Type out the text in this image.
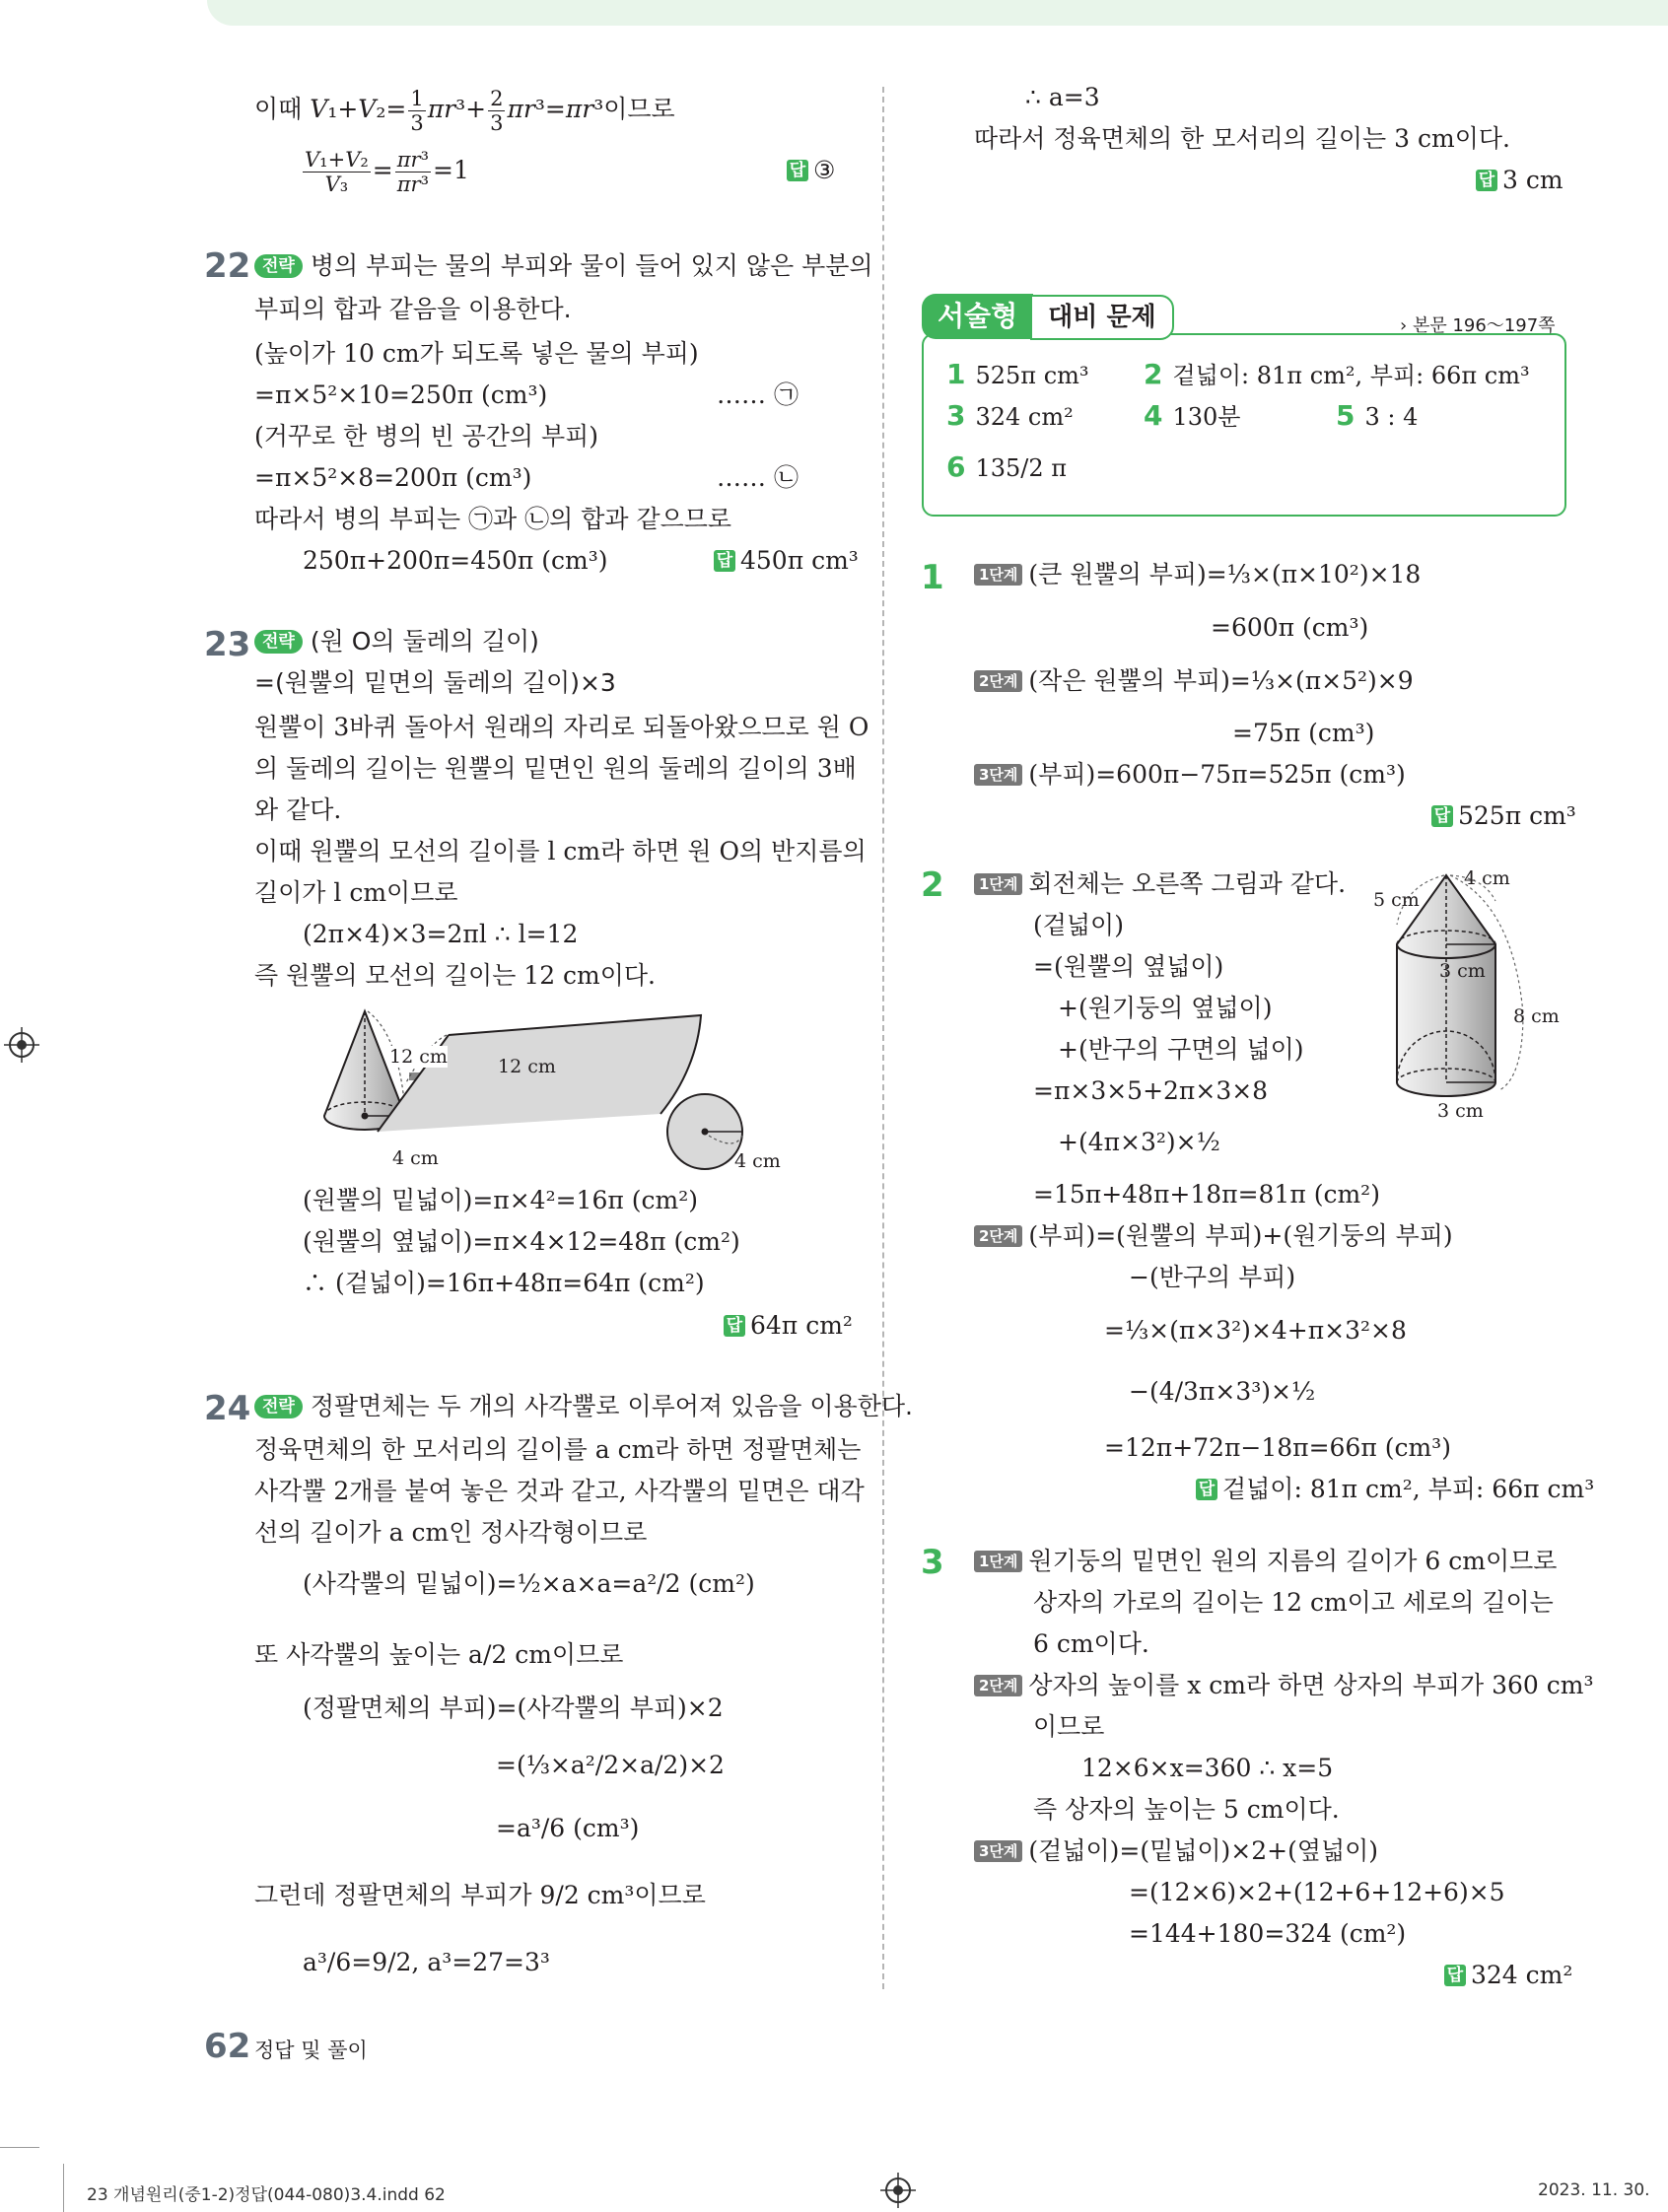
이때 $V_1+V_2= \frac{1}{3} \pi r^3+ \frac{2}{3} \pi r^3=\pi r^3$이므로
$\frac{\text{V₁+V₂}}{\text{V₃}} = \frac{\text{πr³}}{\text{πr³}} =1$	답 ③
22 전략 병의 부피는 물의 부피와 물이 들어 있지 않은 부분의
부피의 합과 같음을 이용한다.
(높이가 10 cm가 되도록 넣은 물의 부피)
=π×5²×10=250π (cm³)	…… ㉠
(거꾸로 한 병의 빈 공간의 부피)
=π×5²×8=200π (cm³)	…… ㉡
따라서 병의 부피는 ㉠과 ㉡의 합과 같으므로
250π+200π=450π (cm³)	답 450π cm³
23 전략 (원 O의 둘레의 길이)
=(원뿔의 밑면의 둘레의 길이)×3
원뿔이 3바퀴 돌아서 원래의 자리로 되돌아왔으므로 원 O
의 둘레의 길이는 원뿔의 밑면인 원의 둘레의 길이의 3배
와 같다.
이때 원뿔의 모선의 길이를 l cm라 하면 원 O의 반지름의
길이가 l cm이므로
(2π×4)×3=2πl ∴ l=12
즉 원뿔의 모선의 길이는 12 cm이다.
12 cm	12 cm
4 cm	4 cm
(원뿔의 밑넓이)=π×4²=16π (cm²)
(원뿔의 옆넓이)=π×4×12=48π (cm²)
∴ (겉넓이)=16π+48π=64π (cm²)
답 64π cm²
24 전략 정팔면체는 두 개의 사각뿔로 이루어져 있음을 이용한다.
정육면체의 한 모서리의 길이를 a cm라 하면 정팔면체는
사각뿔 2개를 붙여 놓은 것과 같고, 사각뿔의 밑면은 대각
선의 길이가 a cm인 정사각형이므로
(사각뿔의 밑넓이)=½×a×a=a²/2 (cm²)
또 사각뿔의 높이는 a/2 cm이므로
(정팔면체의 부피)=(사각뿔의 부피)×2
=(⅓×a²/2×a/2)×2
=a³/6 (cm³)
그런데 정팔면체의 부피가 9/2 cm³이므로
a³/6=9/2, a³=27=3³
62 정답 및 풀이
∴ a=3
따라서 정육면체의 한 모서리의 길이는 3 cm이다.
답 3 cm
서술형 대비 문제	› 본문 196～197쪽
1 525π cm³ 2 겉넓이: 81π cm², 부피: 66π cm³
3 324 cm²	4 130분	5 3 : 4
6 135/2 π
1	1단계 (큰 원뿔의 부피)=⅓×(π×10²)×18
=600π (cm³)
2단계 (작은 원뿔의 부피)=⅓×(π×5²)×9
=75π (cm³)
3단계 (부피)=600π−75π=525π (cm³)
답 525π cm³
2	1단계 회전체는 오른쪽 그림과 같다.
(겉넓이)
=(원뿔의 옆넓이)
+(원기둥의 옆넓이)
+(반구의 구면의 넓이)
=π×3×5+2π×3×8
+(4π×3²)×½
=15π+48π+18π=81π (cm²)
4 cm
5 cm
3 cm
8 cm
3 cm
2단계 (부피)=(원뿔의 부피)+(원기둥의 부피)
−(반구의 부피)
=⅓×(π×3²)×4+π×3²×8
−(4/3π×3³)×½
=12π+72π−18π=66π (cm³)
답 겉넓이: 81π cm², 부피: 66π cm³
3	1단계 원기둥의 밑면인 원의 지름의 길이가 6 cm이므로
상자의 가로의 길이는 12 cm이고 세로의 길이는
6 cm이다.
2단계 상자의 높이를 x cm라 하면 상자의 부피가 360 cm³
이므로
12×6×x=360 ∴ x=5
즉 상자의 높이는 5 cm이다.
3단계 (겉넓이)=(밑넓이)×2+(옆넓이)
=(12×6)×2+(12+6+12+6)×5
=144+180=324 (cm²)
답 324 cm²
23 개념원리(중1-2)정답(044-080)3.4.indd 62	2023. 11. 30.
